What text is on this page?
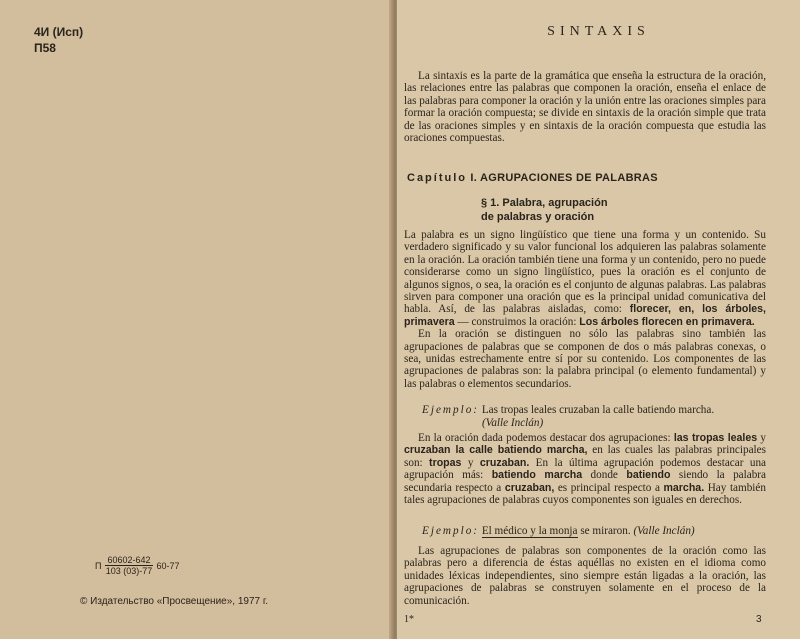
4И (Исп)
П58
П $\frac{60602-642}{103 (03)-77} 60-77$
© Издательство «Просвещение», 1977 г.
SINTAXIS

La sintaxis es la parte de la gramática que enseña la estructura de la oración, las relaciones entre las palabras que componen la oración, enseña el enlace de las palabras para componer la oración y la unión entre las oraciones simples para formar la oración compuesta; se divide en sintaxis de la oración simple que trata de las oraciones simples y en sintaxis de la oración compuesta que estudia las oraciones compuestas.

Capítulo I. AGRUPACIONES DE PALABRAS
§ 1. Palabra, agrupación
de palabras y oración

La palabra es un signo lingüístico que tiene una forma y un contenido. Su verdadero significado y su valor funcional los adquieren las palabras solamente en la oración. La oración también tiene una forma y un contenido, pero no puede considerarse como un signo lingüístico, pues la oración es el conjunto de algunos signos, o sea, la oración es el conjunto de algunas palabras. Las palabras sirven para componer una oración que es la principal unidad comunicativa del habla. Así, de las palabras aisladas, como: florecer, en, los árboles, primavera — construimos la oración: Los árboles florecen en primavera.

En la oración se distinguen no sólo las palabras sino también las agrupaciones de palabras que se componen de dos o más palabras conexas, o sea, unidas estrechamente entre sí por su contenido. Los componentes de las agrupaciones de palabras son: la palabra principal (o elemento fundamental) y las palabras o elementos secundarios.

Ejemplo: Las tropas leales cruzaban la calle batiendo marcha.
(Valle Inclán)

En la oración dada podemos destacar dos agrupaciones: las tropas leales y cruzaban la calle batiendo marcha, en las cuales las palabras principales son: tropas y cruzaban. En la última agrupación podemos destacar una agrupación más: batiendo marcha donde batiendo siendo la palabra secundaria respecto a cruzaban, es principal respecto a marcha. Hay también tales agrupaciones de palabras cuyos componentes son iguales en derechos.

Ejemplo: El médico y la monja se miraron. (Valle Inclán)

Las agrupaciones de palabras son componentes de la oración como las palabras pero a diferencia de éstas aquéllas no existen en el idioma como unidades léxicas independientes, sino siempre están ligadas a la oración, las agrupaciones de palabras se construyen solamente en el proceso de la comunicación.

1*	3
